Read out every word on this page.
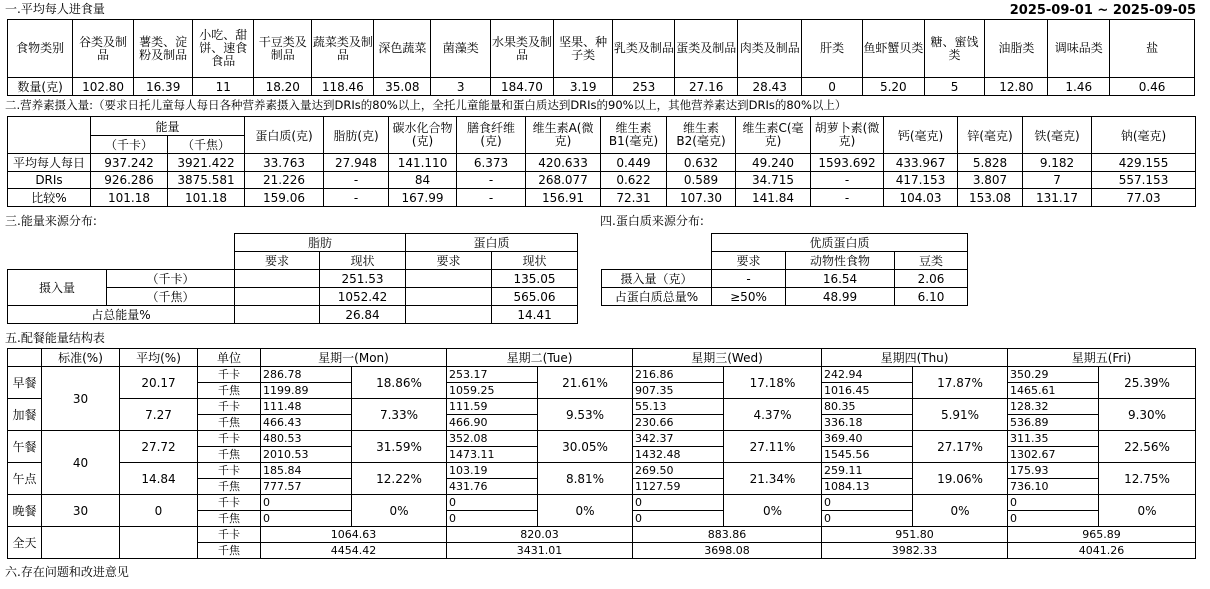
一.平均每人进食量	2025-09-01 ~ 2025-09-05
食物类别	谷类及制品	薯类、淀粉及制品	小吃、甜饼、速食食品	干豆类及制品	蔬菜类及制品	深色蔬菜	菌藻类	水果类及制品	坚果、种子类	乳类及制品	蛋类及制品	肉类及制品	肝类	鱼虾蟹贝类	糖、蜜饯类	油脂类	调味品类	盐
数量(克)	102.80	16.39	11	18.20	118.46	35.08	3	184.70	3.19	253	27.16	28.43	0	5.20	5	12.80	1.46	0.46
二.营养素摄入量:（要求日托儿童每人每日各种营养素摄入量达到DRIs的80%以上，全托儿童能量和蛋白质达到DRIs的90%以上，其他营养素达到DRIs的80%以上）
	能量		蛋白质(克)	脂肪(克)	碳水化合物(克)	膳食纤维(克)	维生素A(微克)	维生素B1(毫克)	维生素B2(毫克)	维生素C(毫克)	胡萝卜素(微克)	钙(毫克)	锌(毫克)	铁(毫克)	钠(毫克)
	（千卡）	（千焦）													
平均每人每日	937.242	3921.422	33.763	27.948	141.110	6.373	420.633	0.449	0.632	49.240	1593.692	433.967	5.828	9.182	429.155
DRIs	926.286	3875.581	21.226	-	84	-	268.077	0.622	0.589	34.715	-	417.153	3.807	7	557.153
比较%	101.18	101.18	159.06	-	167.99	-	156.91	72.31	107.30	141.84	-	104.03	153.08	131.17	77.03
三.能量来源分布:
		脂肪		蛋白质	
		要求	现状	要求	现状
摄入量	（千卡）		251.53		135.05
	（千焦）		1052.42		565.06
占总能量%			26.84		14.41
四.蛋白质来源分布:
	优质蛋白质		
	要求	动物性食物	豆类
摄入量（克）	-	16.54	2.06
占蛋白质总量%	≥50%	48.99	6.10
五.配餐能量结构表
	标准(%)	平均(%)	单位	星期一(Mon)		星期二(Tue)		星期三(Wed)		星期四(Thu)		星期五(Fri)	
早餐	30	20.17	千卡	286.78	18.86%	253.17	21.61%	216.86	17.18%	242.94	17.87%	350.29	25.39%
			千焦	1199.89		1059.25		907.35		1016.45		1465.61	
加餐		7.27	千卡	111.48	7.33%	111.59	9.53%	55.13	4.37%	80.35	5.91%	128.32	9.30%
			千焦	466.43		466.90		230.66		336.18		536.89	
午餐	40	27.72	千卡	480.53	31.59%	352.08	30.05%	342.37	27.11%	369.40	27.17%	311.35	22.56%
			千焦	2010.53		1473.11		1432.48		1545.56		1302.67	
午点		14.84	千卡	185.84	12.22%	103.19	8.81%	269.50	21.34%	259.11	19.06%	175.93	12.75%
			千焦	777.57		431.76		1127.59		1084.13		736.10	
晚餐	30	0	千卡	0	0%	0	0%	0	0%	0	0%	0	0%
			千焦	0		0		0		0		0	
全天			千卡	1064.63		820.03		883.86		951.80		965.89	
			千焦	4454.42		3431.01		3698.08		3982.33		4041.26	
六.存在问题和改进意见
